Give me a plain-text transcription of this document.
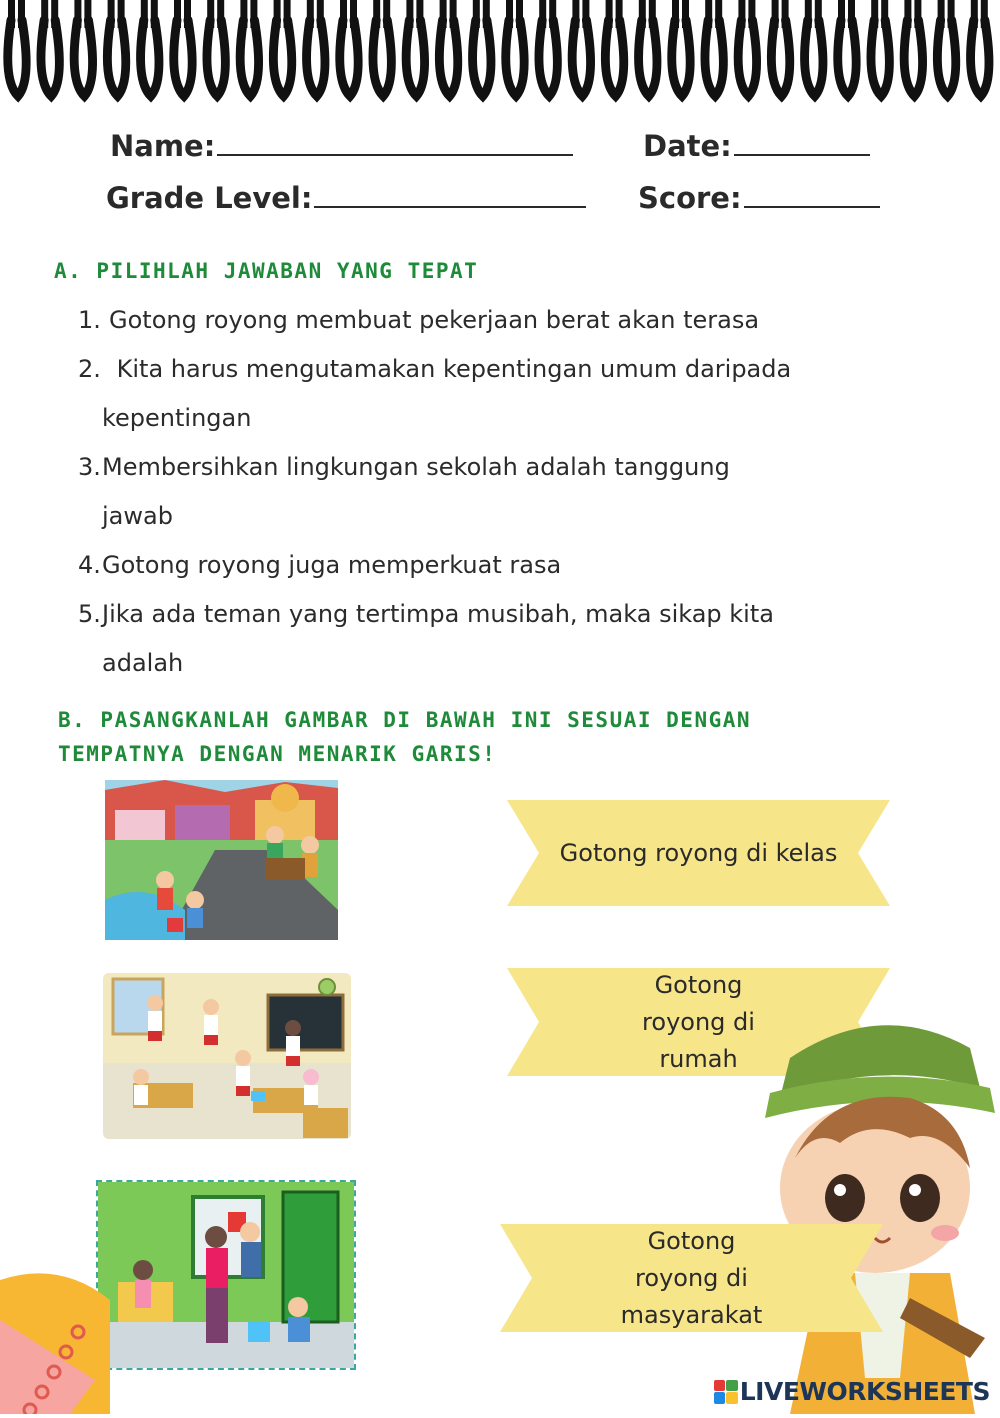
Name:	Date:
Grade Level:	Score:
A. PILIHLAH JAWABAN YANG TEPAT
1. Gotong royong membuat pekerjaan berat akan terasa
2. Kita harus mengutamakan kepentingan umum daripada
kepentingan
3. Membersihkan lingkungan sekolah adalah tanggung
jawab
4. Gotong royong juga memperkuat rasa
5. Jika ada teman yang tertimpa musibah, maka sikap kita
adalah
B. PASANGKANLAH GAMBAR DI BAWAH INI SESUAI DENGAN
TEMPATNYA DENGAN MENARIK GARIS!
Gotong royong di kelas
Gotong royong di rumah
Gotong royong di masyarakat
LIVEWORKSHEETS
